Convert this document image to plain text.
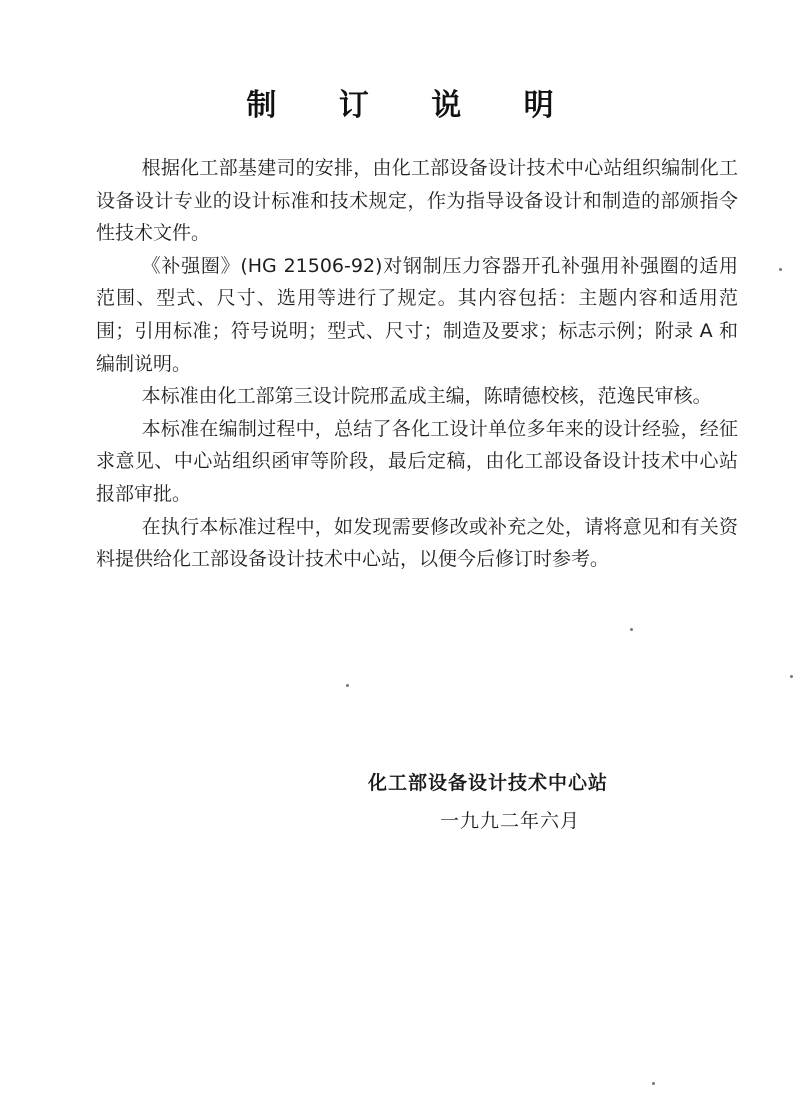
制 订 说 明

根据化工部基建司的安排，由化工部设备设计技术中心站组织编制化工设备设计专业的设计标准和技术规定，作为指导设备设计和制造的部颁指令性技术文件。

《补强圈》(HG 21506-92)对钢制压力容器开孔补强用补强圈的适用范围、型式、尺寸、选用等进行了规定。其内容包括：主题内容和适用范围；引用标准；符号说明；型式、尺寸；制造及要求；标志示例；附录 A 和编制说明。

本标准由化工部第三设计院邢孟成主编，陈晴德校核，范逸民审核。

本标准在编制过程中，总结了各化工设计单位多年来的设计经验，经征求意见、中心站组织函审等阶段，最后定稿，由化工部设备设计技术中心站报部审批。

在执行本标准过程中，如发现需要修改或补充之处，请将意见和有关资料提供给化工部设备设计技术中心站，以便今后修订时参考。

化工部设备设计技术中心站
一九九二年六月
